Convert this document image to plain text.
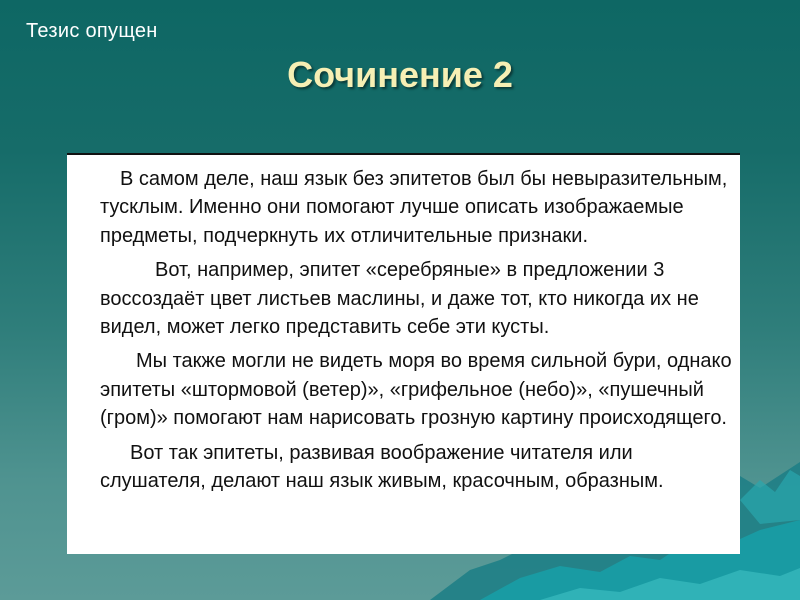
Тезис опущен
Сочинение 2

В самом деле, наш язык без эпитетов был бы невыразительным, тусклым. Именно они помогают лучше описать изображаемые предметы, подчеркнуть их отличительные признаки.

Вот, например, эпитет «серебряные» в предложении 3 воссоздаёт цвет листьев маслины, и даже тот, кто никогда их не видел, может легко представить себе эти кусты.

Мы также могли не видеть моря во время сильной бури, однако эпитеты «штормовой (ветер)», «грифельное (небо)», «пушечный (гром)» помогают нам нарисовать грозную картину происходящего.

Вот так эпитеты, развивая воображение читателя или слушателя, делают наш язык живым, красочным, образным.
